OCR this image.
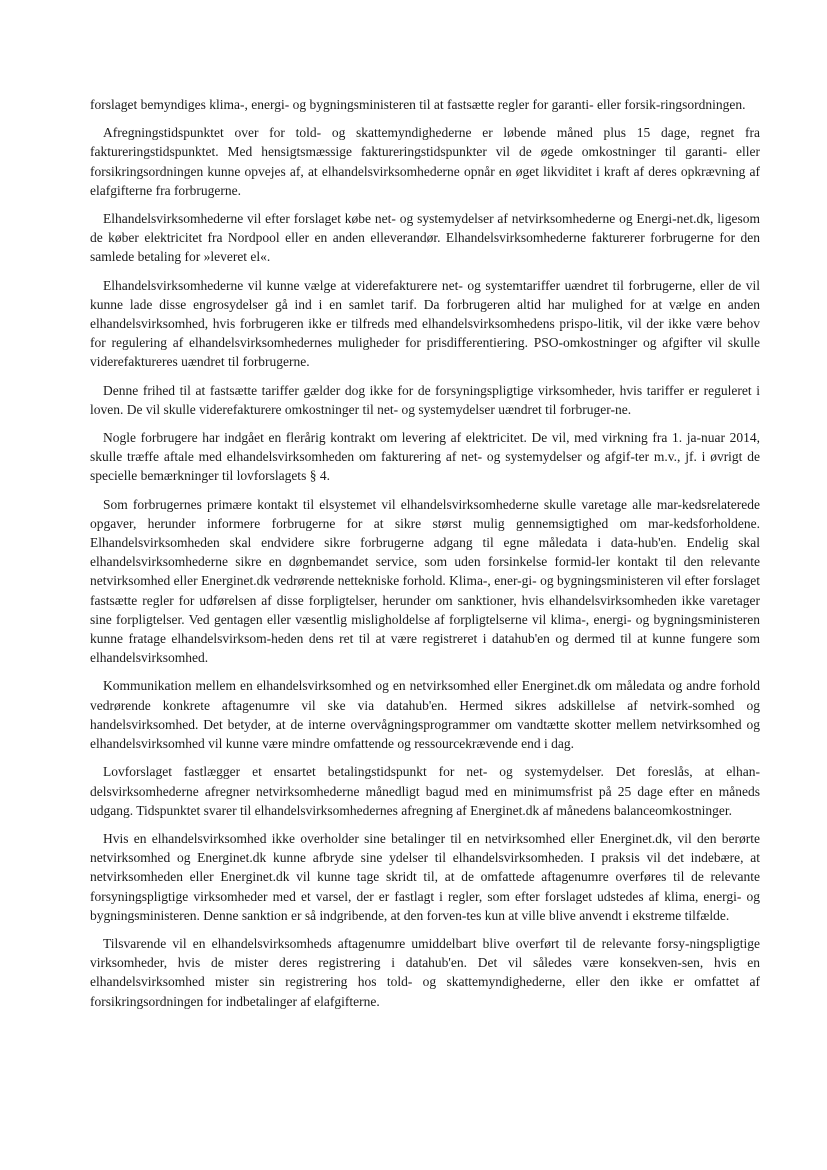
forslaget bemyndiges klima-, energi- og bygningsministeren til at fastsætte regler for garanti- eller forsik-ringsordningen.

Afregningstidspunktet over for told- og skattemyndighederne er løbende måned plus 15 dage, regnet fra faktureringstidspunktet. Med hensigtsmæssige faktureringstidspunkter vil de øgede omkostninger til garanti- eller forsikringsordningen kunne opvejes af, at elhandelsvirksomhederne opnår en øget likviditet i kraft af deres opkrævning af elafgifterne fra forbrugerne.

Elhandelsvirksomhederne vil efter forslaget købe net- og systemydelser af netvirksomhederne og Energi-net.dk, ligesom de køber elektricitet fra Nordpool eller en anden elleverandør. Elhandelsvirksomhederne fakturerer forbrugerne for den samlede betaling for »leveret el«.

Elhandelsvirksomhederne vil kunne vælge at viderefakturere net- og systemtariffer uændret til forbrugerne, eller de vil kunne lade disse engrosydelser gå ind i en samlet tarif. Da forbrugeren altid har mulighed for at vælge en anden elhandelsvirksomhed, hvis forbrugeren ikke er tilfreds med elhandelsvirksomhedens prispo-litik, vil der ikke være behov for regulering af elhandelsvirksomhedernes muligheder for prisdifferentiering. PSO-omkostninger og afgifter vil skulle viderefaktureres uændret til forbrugerne.

Denne frihed til at fastsætte tariffer gælder dog ikke for de forsyningspligtige virksomheder, hvis tariffer er reguleret i loven. De vil skulle viderefakturere omkostninger til net- og systemydelser uændret til forbruger-ne.

Nogle forbrugere har indgået en flerårig kontrakt om levering af elektricitet. De vil, med virkning fra 1. ja-nuar 2014, skulle træffe aftale med elhandelsvirksomheden om fakturering af net- og systemydelser og afgif-ter m.v., jf. i øvrigt de specielle bemærkninger til lovforslagets § 4.

Som forbrugernes primære kontakt til elsystemet vil elhandelsvirksomhederne skulle varetage alle mar-kedsrelaterede opgaver, herunder informere forbrugerne for at sikre størst mulig gennemsigtighed om mar-kedsforholdene. Elhandelsvirksomheden skal endvidere sikre forbrugerne adgang til egne måledata i data-hub'en. Endelig skal elhandelsvirksomhederne sikre en døgnbemandet service, som uden forsinkelse formid-ler kontakt til den relevante netvirksomhed eller Energinet.dk vedrørende nettekniske forhold. Klima-, ener-gi- og bygningsministeren vil efter forslaget fastsætte regler for udførelsen af disse forpligtelser, herunder om sanktioner, hvis elhandelsvirksomheden ikke varetager sine forpligtelser. Ved gentagen eller væsentlig misligholdelse af forpligtelserne vil klima-, energi- og bygningsministeren kunne fratage elhandelsvirksom-heden dens ret til at være registreret i datahub'en og dermed til at kunne fungere som elhandelsvirksomhed.

Kommunikation mellem en elhandelsvirksomhed og en netvirksomhed eller Energinet.dk om måledata og andre forhold vedrørende konkrete aftagenumre vil ske via datahub'en. Hermed sikres adskillelse af netvirk-somhed og handelsvirksomhed. Det betyder, at de interne overvågningsprogrammer om vandtætte skotter mellem netvirksomhed og elhandelsvirksomhed vil kunne være mindre omfattende og ressourcekrævende end i dag.

Lovforslaget fastlægger et ensartet betalingstidspunkt for net- og systemydelser. Det foreslås, at elhan-delsvirksomhederne afregner netvirksomhederne månedligt bagud med en minimumsfrist på 25 dage efter en måneds udgang. Tidspunktet svarer til elhandelsvirksomhedernes afregning af Energinet.dk af månedens balanceomkostninger.

Hvis en elhandelsvirksomhed ikke overholder sine betalinger til en netvirksomhed eller Energinet.dk, vil den berørte netvirksomhed og Energinet.dk kunne afbryde sine ydelser til elhandelsvirksomheden. I praksis vil det indebære, at netvirksomheden eller Energinet.dk vil kunne tage skridt til, at de omfattede aftagenumre overføres til de relevante forsyningspligtige virksomheder med et varsel, der er fastlagt i regler, som efter forslaget udstedes af klima, energi- og bygningsministeren. Denne sanktion er så indgribende, at den forven-tes kun at ville blive anvendt i ekstreme tilfælde.

Tilsvarende vil en elhandelsvirksomheds aftagenumre umiddelbart blive overført til de relevante forsy-ningspligtige virksomheder, hvis de mister deres registrering i datahub'en. Det vil således være konsekven-sen, hvis en elhandelsvirksomhed mister sin registrering hos told- og skattemyndighederne, eller den ikke er omfattet af forsikringsordningen for indbetalinger af elafgifterne.
